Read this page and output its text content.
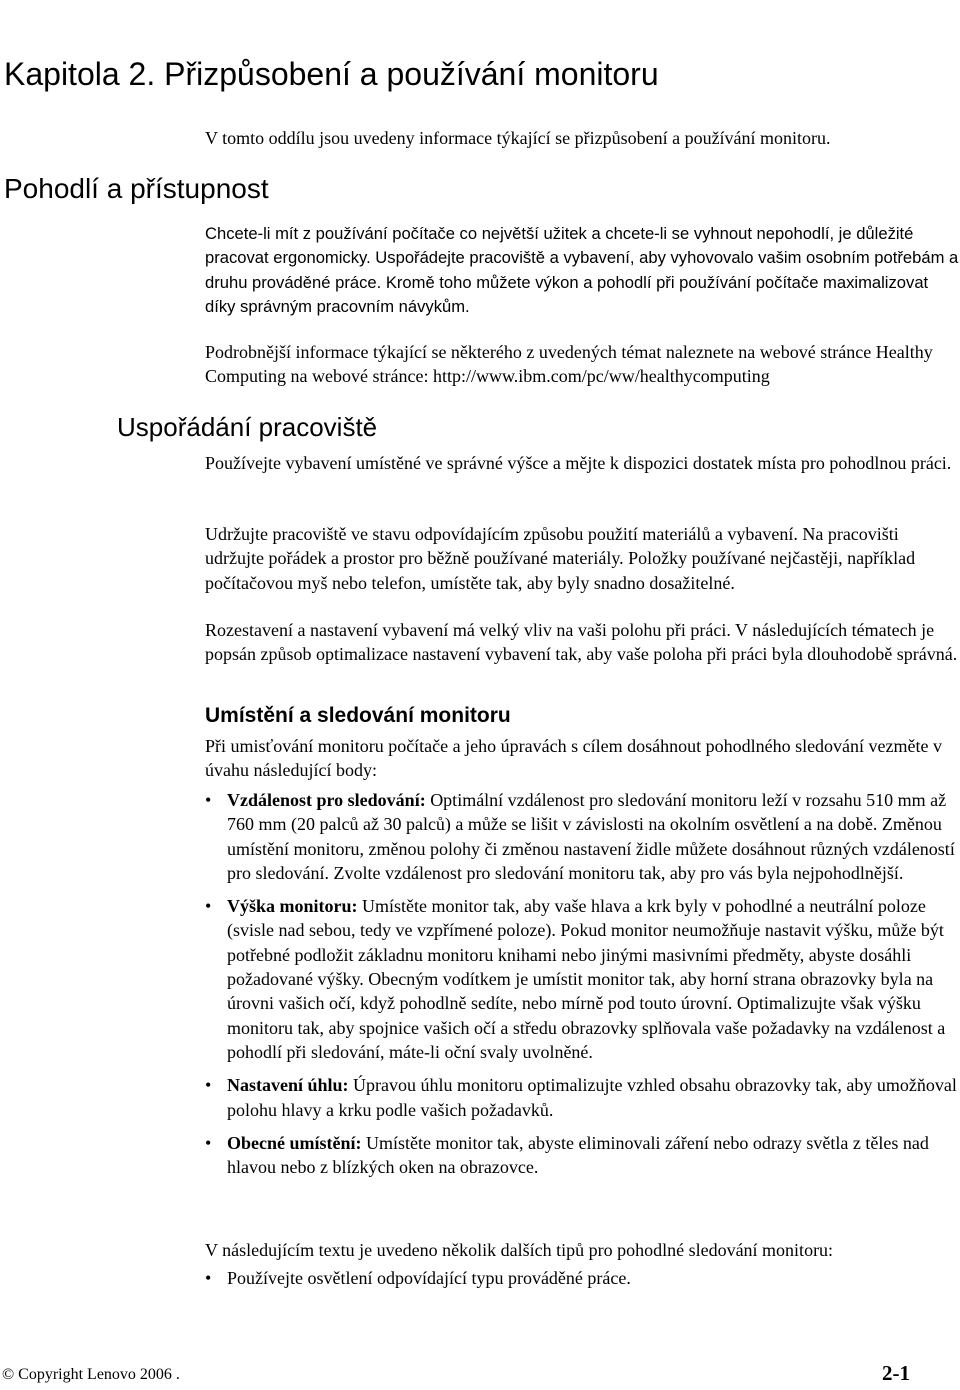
Kapitola 2. Přizpůsobení a používání monitoru

V tomto oddílu jsou uvedeny informace týkající se přizpůsobení a používání monitoru.

Pohodlí a přístupnost

Chcete-li mít z používání počítače co největší užitek a chcete-li se vyhnout nepohodlí, je důležité pracovat ergonomicky. Uspořádejte pracoviště a vybavení, aby vyhovovalo vašim osobním potřebám a druhu prováděné práce. Kromě toho můžete výkon a pohodlí při používání počítače maximalizovat díky správným pracovním návykům.

Podrobnější informace týkající se některého z uvedených témat naleznete na webové stránce Healthy Computing na webové stránce: http://www.ibm.com/pc/ww/healthycomputing

Uspořádání pracoviště

Používejte vybavení umístěné ve správné výšce a mějte k dispozici dostatek místa pro pohodlnou práci.

Udržujte pracoviště ve stavu odpovídajícím způsobu použití materiálů a vybavení. Na pracovišti udržujte pořádek a prostor pro běžně používané materiály. Položky používané nejčastěji, například počítačovou myš nebo telefon, umístěte tak, aby byly snadno dosažitelné.

Rozestavení a nastavení vybavení má velký vliv na vaši polohu při práci. V následujících tématech je popsán způsob optimalizace nastavení vybavení tak, aby vaše poloha při práci byla dlouhodobě správná.

Umístění a sledování monitoru

Při umisťování monitoru počítače a jeho úpravách s cílem dosáhnout pohodlného sledování vezměte v úvahu následující body:

• Vzdálenost pro sledování: Optimální vzdálenost pro sledování monitoru leží v rozsahu 510 mm až 760 mm (20 palců až 30 palců) a může se lišit v závislosti na okolním osvětlení a na době. Změnou umístění monitoru, změnou polohy či změnou nastavení židle můžete dosáhnout různých vzdáleností pro sledování. Zvolte vzdálenost pro sledování monitoru tak, aby pro vás byla nejpohodlnější.
• Výška monitoru: Umístěte monitor tak, aby vaše hlava a krk byly v pohodlné a neutrální poloze (svisle nad sebou, tedy ve vzpřímené poloze). Pokud monitor neumožňuje nastavit výšku, může být potřebné podložit základnu monitoru knihami nebo jinými masivními předměty, abyste dosáhli požadované výšky. Obecným vodítkem je umístit monitor tak, aby horní strana obrazovky byla na úrovni vašich očí, když pohodlně sedíte, nebo mírně pod touto úrovní. Optimalizujte však výšku monitoru tak, aby spojnice vašich očí a středu obrazovky splňovala vaše požadavky na vzdálenost a pohodlí při sledování, máte-li oční svaly uvolněné.
• Nastavení úhlu: Úpravou úhlu monitoru optimalizujte vzhled obsahu obrazovky tak, aby umožňoval polohu hlavy a krku podle vašich požadavků.
• Obecné umístění: Umístěte monitor tak, abyste eliminovali záření nebo odrazy světla z těles nad hlavou nebo z blízkých oken na obrazovce.

V následujícím textu je uvedeno několik dalších tipů pro pohodlné sledování monitoru:

• Používejte osvětlení odpovídající typu prováděné práce.
© Copyright Lenovo 2006 .	2-1
